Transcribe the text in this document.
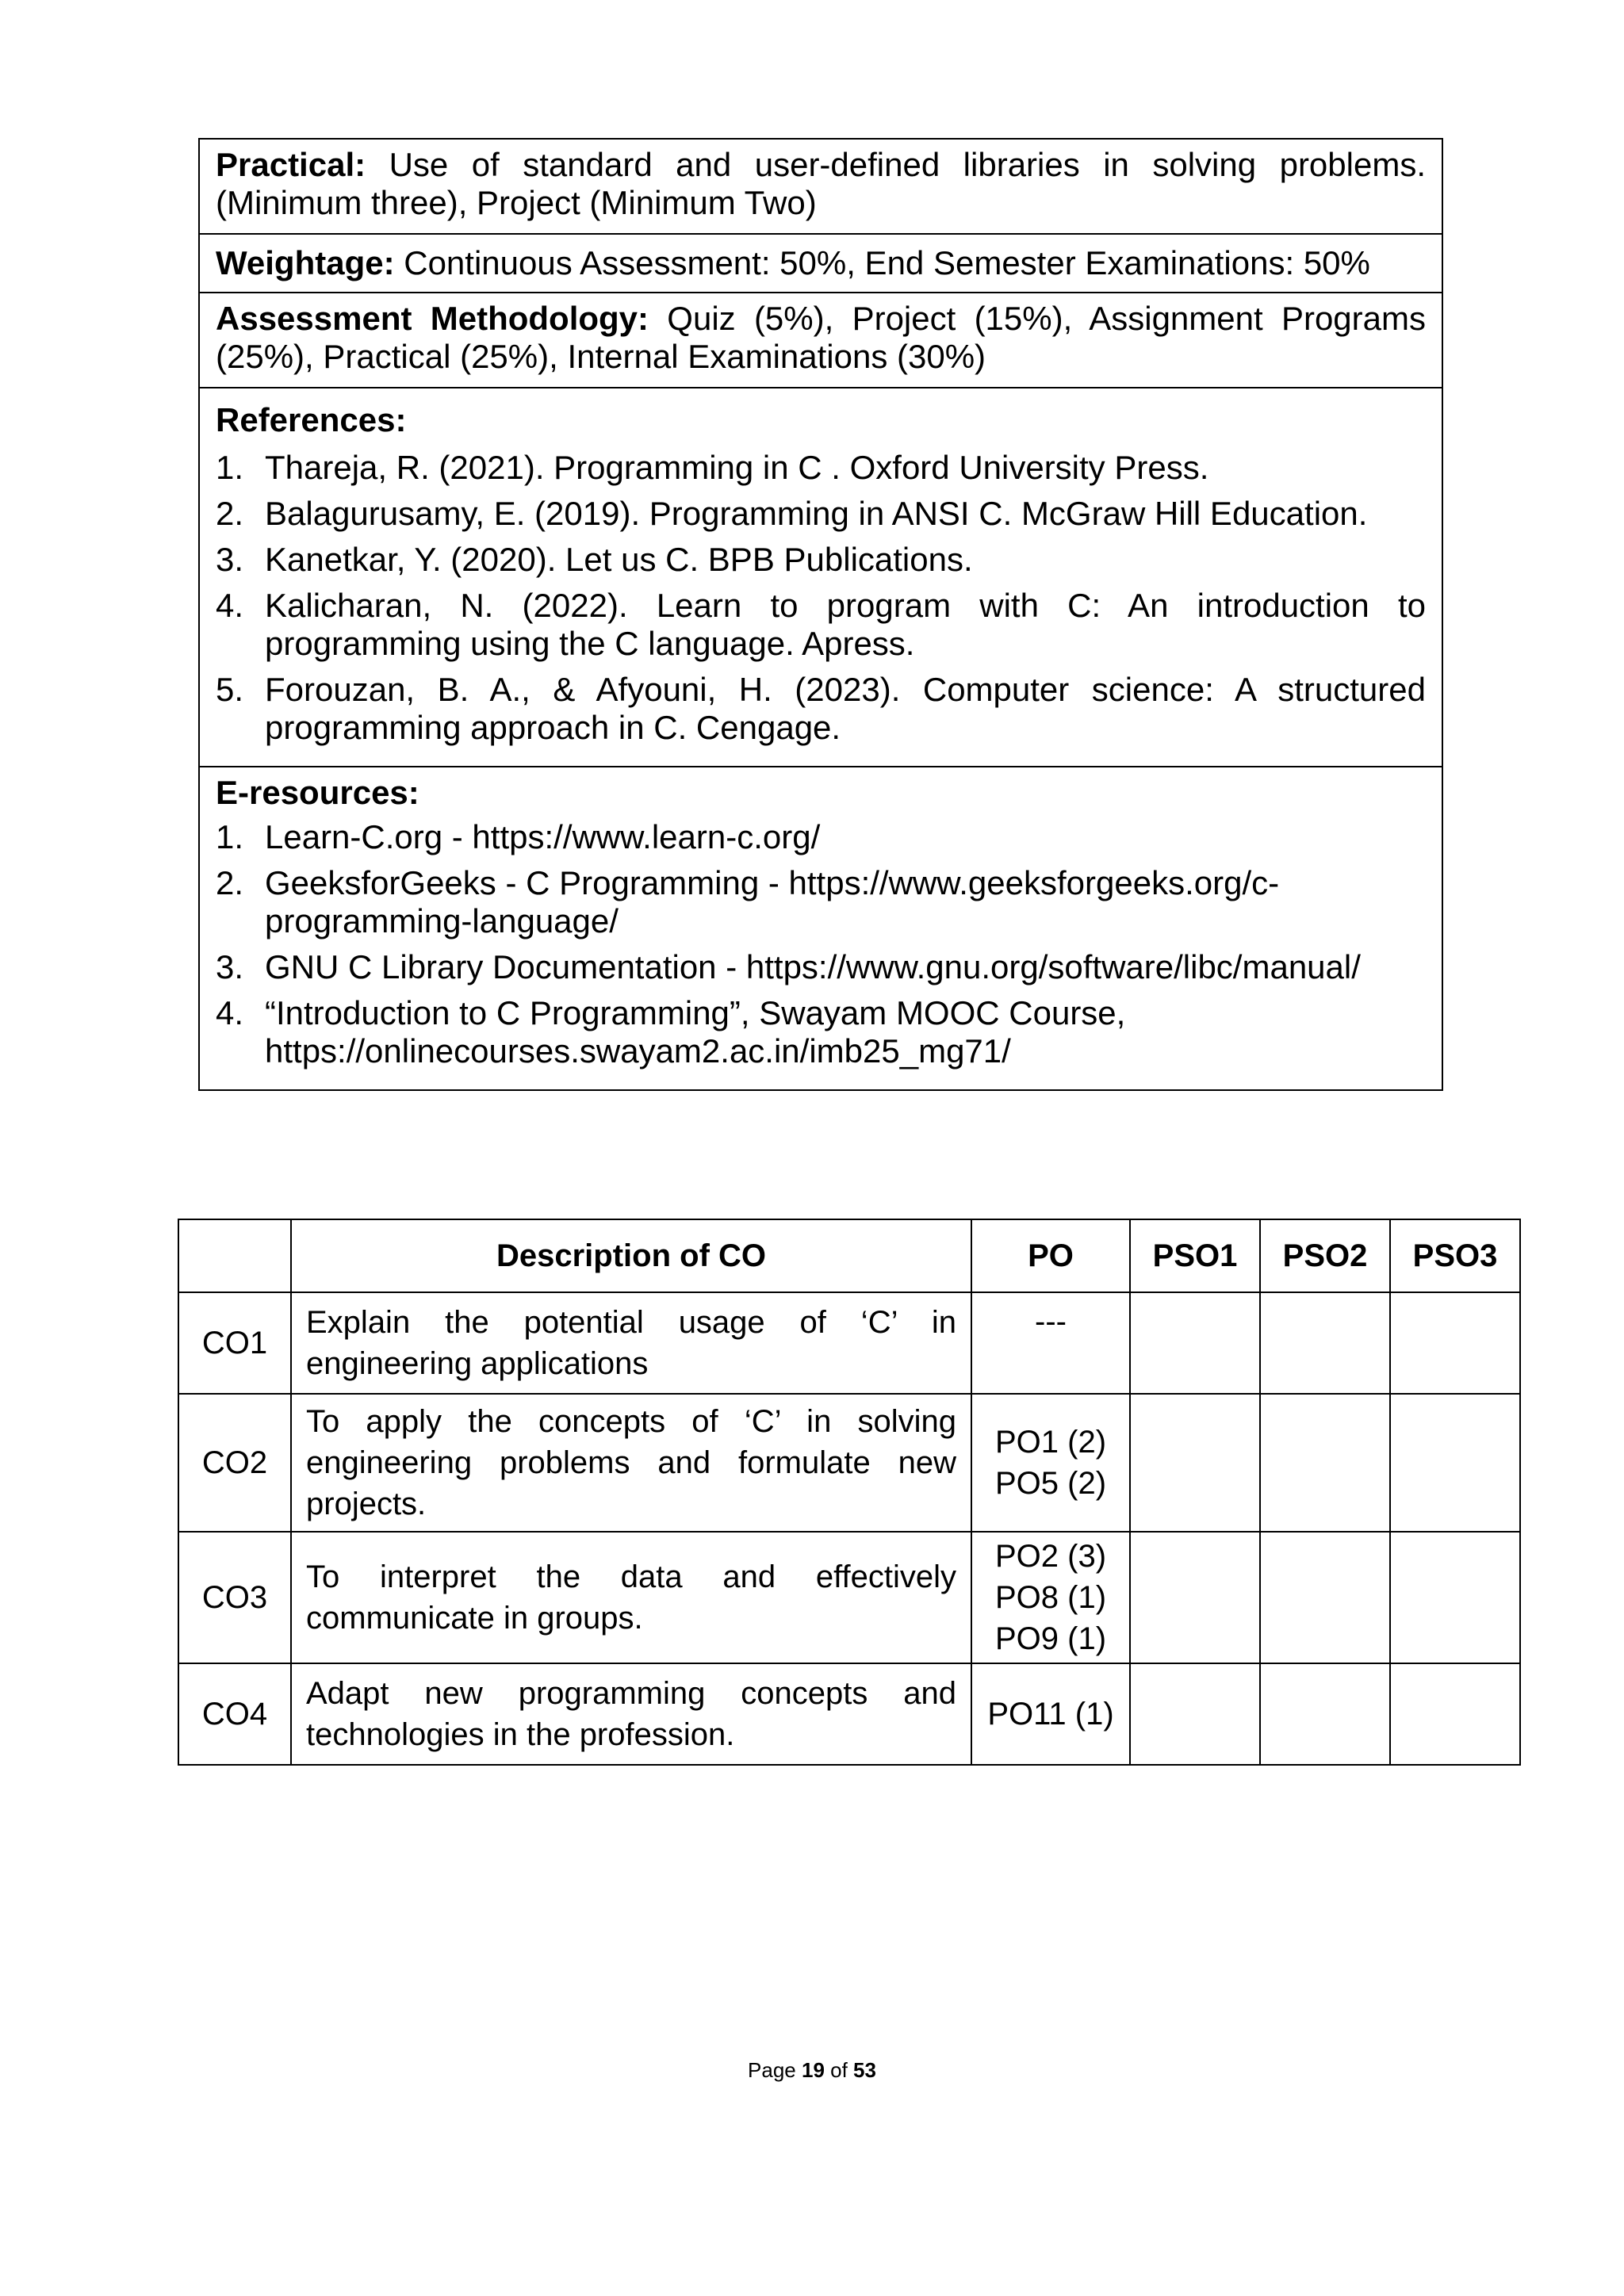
Practical: Use of standard and user-defined libraries in solving problems. (Minimum three), Project (Minimum Two)
Weightage: Continuous Assessment: 50%, End Semester Examinations: 50%
Assessment Methodology: Quiz (5%), Project (15%), Assignment Programs (25%), Practical (25%), Internal Examinations (30%)

References:
1. Thareja, R. (2021). Programming in C . Oxford University Press.
2. Balagurusamy, E. (2019). Programming in ANSI C. McGraw Hill Education.
3. Kanetkar, Y. (2020). Let us C. BPB Publications.
4. Kalicharan, N. (2022). Learn to program with C: An introduction to programming using the C language. Apress.
5. Forouzan, B. A., & Afyouni, H. (2023). Computer science: A structured programming approach in C. Cengage.

E-resources:
1. Learn-C.org - https://www.learn-c.org/
2. GeeksforGeeks - C Programming - https://www.geeksforgeeks.org/c-programming-language/
3. GNU C Library Documentation - https://www.gnu.org/software/libc/manual/
4. “Introduction to C Programming”, Swayam MOOC Course, https://onlinecourses.swayam2.ac.in/imb25_mg71/
	Description of CO	PO	PSO1	PSO2	PSO3
CO1	Explain the potential usage of ‘C’ in engineering applications	---			

CO2	To apply the concepts of ‘C’ in solving engineering problems and formulate new projects.	PO1 (2)
PO5 (2)			

CO3	To interpret the data and effectively communicate in groups.	PO2 (3)
PO8 (1)
PO9 (1)			

CO4	Adapt new programming concepts and technologies in the profession.	PO11 (1)			

Page 19 of 53
